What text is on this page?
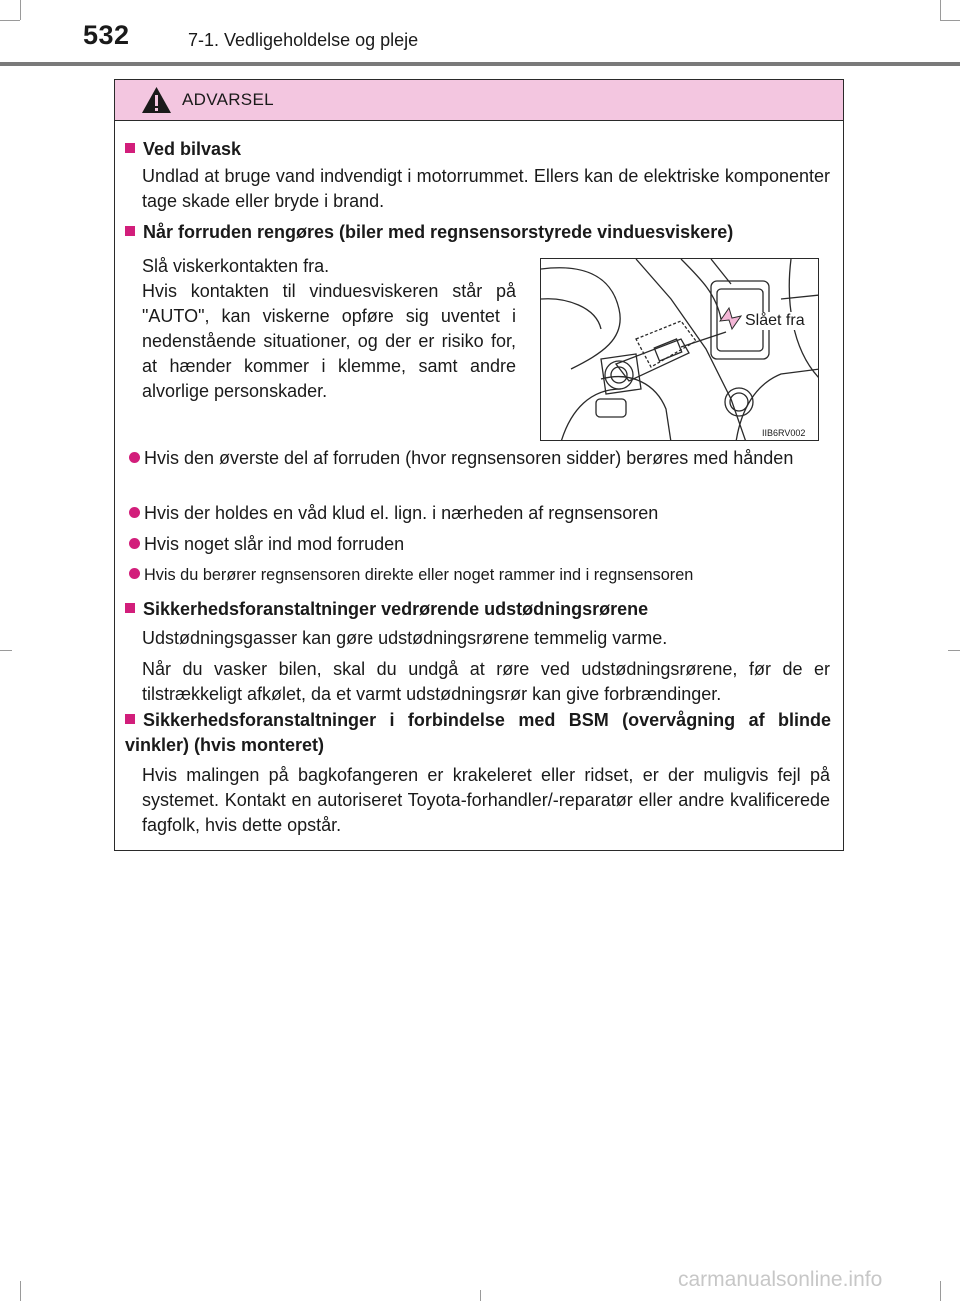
532	7-1. Vedligeholdelse og pleje
ADVARSEL
Ved bilvask
Undlad at bruge vand indvendigt i motorrummet. Ellers kan de elektriske komponenter tage skade eller bryde i brand.
Når forruden rengøres (biler med regnsensorstyrede vinduesviskere)
Slå viskerkontakten fra.
Hvis kontakten til vinduesviskeren står på "AUTO", kan viskerne opføre sig uventet i nedenstående situationer, og der er risiko for, at hænder kommer i klemme, samt andre alvorlige personskader.
Hvis den øverste del af forruden (hvor regnsensoren sidder) berøres med hånden
Hvis der holdes en våd klud el. lign. i nærheden af regnsensoren
Hvis noget slår ind mod forruden
Hvis du berører regnsensoren direkte eller noget rammer ind i regnsensoren
Sikkerhedsforanstaltninger vedrørende udstødningsrørene
Udstødningsgasser kan gøre udstødningsrørene temmelig varme.
Når du vasker bilen, skal du undgå at røre ved udstødningsrørene, før de er tilstrækkeligt afkølet, da et varmt udstødningsrør kan give forbrændinger.
Sikkerhedsforanstaltninger i forbindelse med BSM (overvågning af blinde vinkler) (hvis monteret)
Hvis malingen på bagkofangeren er krakeleret eller ridset, er der muligvis fejl på systemet. Kontakt en autoriseret Toyota-forhandler/-reparatør eller andre kvalificerede fagfolk, hvis dette opstår.
Slået fra
IIB6RV002
carmanualsonline.info
